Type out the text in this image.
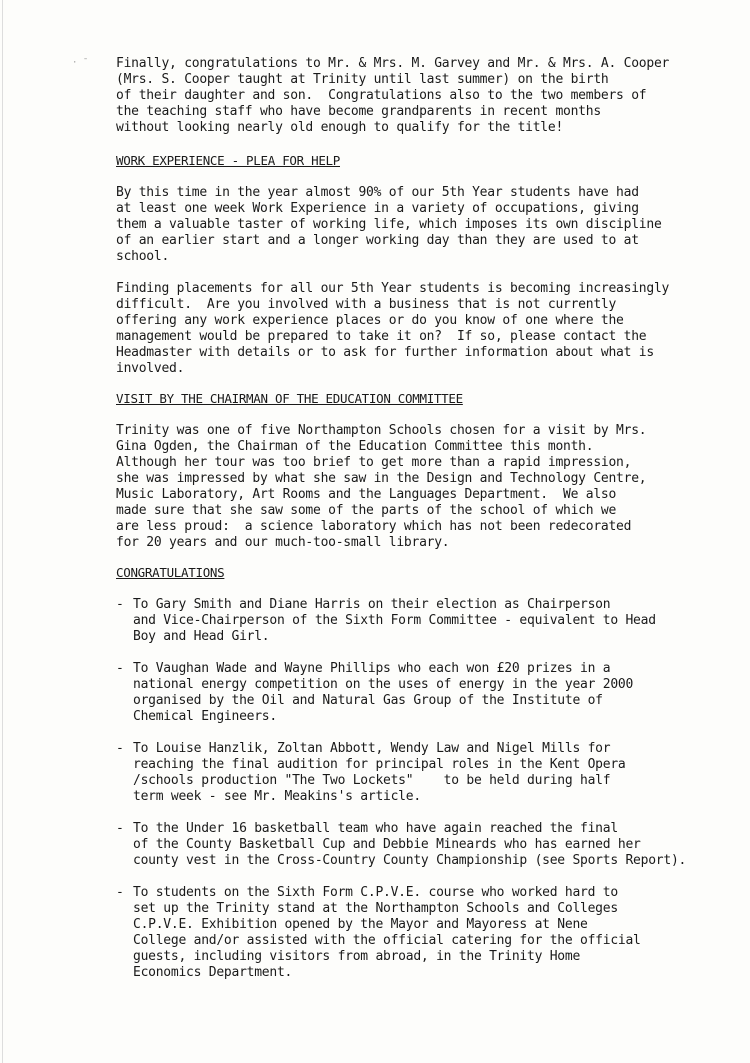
· ¯ Finally, congratulations to Mr. & Mrs. M. Garvey and Mr. & Mrs. A. Cooper
(Mrs. S. Cooper taught at Trinity until last summer) on the birth
of their daughter and son.  Congratulations also to the two members of
the teaching staff who have become grandparents in recent months
without looking nearly old enough to qualify for the title!

WORK EXPERIENCE - PLEA FOR HELP

By this time in the year almost 90% of our 5th Year students have had
at least one week Work Experience in a variety of occupations, giving
them a valuable taster of working life, which imposes its own discipline
of an earlier start and a longer working day than they are used to at
school.

Finding placements for all our 5th Year students is becoming increasingly
difficult.  Are you involved with a business that is not currently
offering any work experience places or do you know of one where the
management would be prepared to take it on?  If so, please contact the
Headmaster with details or to ask for further information about what is
involved.

VISIT BY THE CHAIRMAN OF THE EDUCATION COMMITTEE

Trinity was one of five Northampton Schools chosen for a visit by Mrs.
Gina Ogden, the Chairman of the Education Committee this month.
Although her tour was too brief to get more than a rapid impression,
she was impressed by what she saw in the Design and Technology Centre,
Music Laboratory, Art Rooms and the Languages Department.  We also
made sure that she saw some of the parts of the school of which we
are less proud:  a science laboratory which has not been redecorated
for 20 years and our much-too-small library.

CONGRATULATIONS

- To Gary Smith and Diane Harris on their election as Chairperson
and Vice-Chairperson of the Sixth Form Committee - equivalent to Head
Boy and Head Girl.

- To Vaughan Wade and Wayne Phillips who each won £20 prizes in a
national energy competition on the uses of energy in the year 2000
organised by the Oil and Natural Gas Group of the Institute of
Chemical Engineers.

- To Louise Hanzlik, Zoltan Abbott, Wendy Law and Nigel Mills for
reaching the final audition for principal roles in the Kent Opera
/schools production "The Two Lockets"    to be held during half
term week - see Mr. Meakins's article.

- To the Under 16 basketball team who have again reached the final
of the County Basketball Cup and Debbie Mineards who has earned her
county vest in the Cross-Country County Championship (see Sports Report).

- To students on the Sixth Form C.P.V.E. course who worked hard to
set up the Trinity stand at the Northampton Schools and Colleges
C.P.V.E. Exhibition opened by the Mayor and Mayoress at Nene
College and/or assisted with the official catering for the official
guests, including visitors from abroad, in the Trinity Home
Economics Department.
